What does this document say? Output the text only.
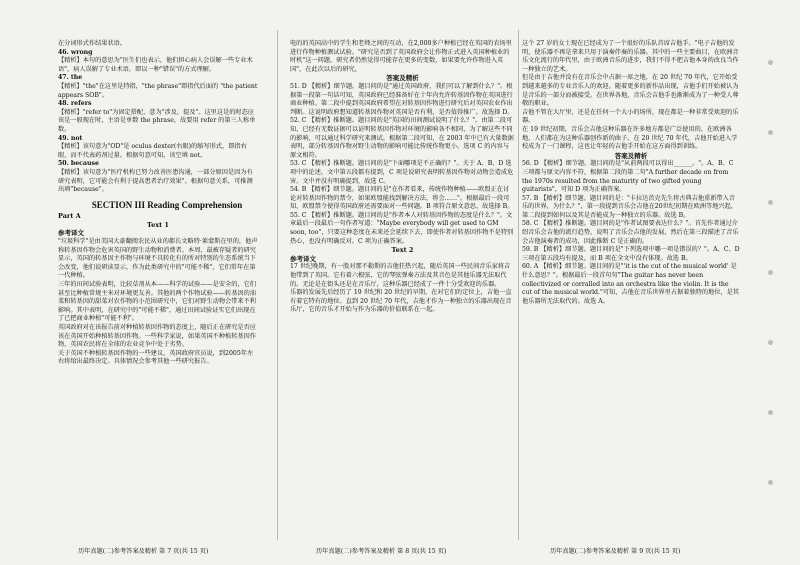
在分词形式作结果状语。

46. wrong

【精析】本句的意思为"医生们也表示，他们担心病人会误解一些专业术语"，病人误解了专业术语，即以一种"错误"的方式理解。

47. the

【精析】"the"在这里是特指，"the phrase"即指代后面的 "the patient appears SOB"。

48. refers

【精析】"refer to"为固定搭配，意为"涉及，提及"。这里这是的时态应该是一般现在时，主语是单数 the phrase，故要用 refer 的第三人称单数。

49. not

【精析】该句意为"OD"是 oculus dexter(右眼)的缩写形式，即指右眼，而不代表药剂过量。根据句意可知，该空填 not。

50. because

【精析】该句意为"医疗机构已努力改善医患沟通，一部分原因是因为有研究表明，它可能会有利于提高患者治疗效果"。根据句意关系，可推测出填"because"。

SECTION III Reading Comprehension

Part A

Text 1

参考译文

"垃圾科学"是由美国大豪翻阅农民从业的都长文略特·莱蒙斯在里的，他声称转基因作物会危害英国的野生动物和消费者。本周，最被存疑者的研究显示，英国的转基因主作物与环境不具转化有的所对特别的生态系统当下会改变，他们说研读显示，作为此类研究中的"可能不稀"，它们常年在第一代种植。

三年的田间试验表明，比较草剂从本——科学的试验——是安全的，它们甚至比种植常规主米对环境更友善。其他的两个作物试验——转基因的油菜和转基因的甜菜对农作物的小范围研究中，它们对野生动物会带来不利影响。其中表明，在研究中的"可能不稀"，通过田间试验证实它们出现在了已把商业种植"可能不利"。

英国政府对在该报告前对种植转基因作物的态度上，随后正在研究是否应该在英国开始种植转基因作物。一些科学家说，如果英国不种植转基因作物，英国农民将在全球的农业竞争中处于劣势。

关于英国不种植转基因作物的一些建议，英国政府官员说，到2005年左右将给出最终决定。具体情况会参考其他一些研究报告。

历年真题(二)参考答案及精析 第 7 页(共 15 页)

电的的英国高中的学生和老师之间的互动，在2,000多户种植已经在英国的农场里进行作物种植测试试验。"研究是否到了英国政府会让作物正式进入英国种植业的时机"这一问题，研究者仍然觉得可能存在更多的变数，如果要允许作物进入英国"，在此次以后的研究，

答案及精析

51. D 【精析】细节题。题目问的是"通过英国政府，我们可以了解到什么？"。根据第一段第一句话可知，英国政府已经准备好在十年内允许转基因作物在英国进行商业种植。第二段中提到英国政府希望在对转基因作物进行研究后对英国农业作出判断。这说明政府想知道转基因作物对英国是否有利，是否值得推广。故选择 D。

52. C 【精析】推断题。题目问的是"英国的田间测试说明了什么？"。由第二段可知，已经有无数证据可以证明转基因作物对环境的影响各不相同，为了解这些不同的影响，可以通过科学研究来测试。根据第二段可知，在 2003 年中已有大量数据表明，部分转基因作物对野生动物的影响可能比传统作物更小。选项 C 的内容与原文相符。

53. C 【精析】推断题。题目问的是"下面哪项是不正确的？"。关于 A、B、D 选项中的论述，文中第五段都有提到，C 项是说研究表明转基因作物对动物会造成危害，文中并没有明确提到，故选 C。

54. B 【精析】细节题。题目问的是"在作者看来，传统作物种植——欧盟正在讨论对转基因作物的禁令，如果欧盟能找到解决方法，将会……"。根据最后一段可知，欧盟禁令使得英国政府还需要面对一些问题。B 项符合原文意思，故选择 B。

55. C 【精析】推断题。题目问的是"作者本人对转基因作物的态度是什么？"。文章最后一段最后一句作者写道："Maybe everybody will get used to GM soon, too"，只要这种态度在未来还会延续下去，即使作者对转基因作物不是特别热心，也没有明确反对。C 项为正确答案。

Text 2

参考译文

17 世纪晚期，有一股对那不勒斯的吉他狂热兴起，随后英国一些民间音乐家将吉他带到了英国。它有着六根弦，它的琴弦弹奏方法及其音色是其他乐器无法取代的。无论是在街头还是在音乐厅，这种乐器已经成了一件十分受欢迎的乐器。

乐器的发展先后经历了 19 世纪和 20 世纪的早期，在对它们的定位上，吉他一直有着它特有的地位。直到 20 世纪 70 年代，吉他才作为一种独立的乐器出现在音乐厅，它的音乐才开始与作为乐器的价值联系在一起。

历年真题(二)参考答案及精析 第 8 页(共 15 页)

这个 27 岁的女士现在已经成为了一个很好的乐队首席吉他手。"电子吉他的发明，使乐器不再是拿来只用于演奏伴奏的乐器。其中的一些主要曲目，在欧洲音乐文化流行的年代里，由于欧洲音乐的进步，我们不得不把吉他本身的改良当作一种独立的艺术。

但是由于吉他并没有在音乐会中占据一席之地，在 20 世纪 70 年代，它开始受到越来越多的专业音乐人的欢迎。随着更多的新作品出现，吉他手们开始被认为是音乐的一部分而被接受。在世界各地，音乐会吉他手也渐渐成为了一种受人尊敬的职业。

吉他不管在大厅里，还是在任何一个大小的场所，现在都是一种非常受欢迎的乐器。

在 19 世纪初期，音乐会吉他这种乐器在许多地方都是广泛使用的，在欧洲各地，人们都在为这种乐器创作新的曲子。在 20 世纪 70 年代，吉他开始进入学校成为了一门课程，这也让年轻的吉他手开始在这方面得到训练。

答案及精析

56. D 【精析】细节题。题目问的是"从前两段可以得出______。"。A、B、C 三项都与原文内容不符，根据第二段的第二句"A further decade on from the 1970s resulted from the maturity of two gifted young guitarists"，可知 D 项为正确答案。

57. B 【精析】细节题。题目问的是："卡拉达茨克先生将古典吉他重新带入音乐的世界，为什么？"，第一段提到音乐会吉他在20世纪初期在欧洲等地兴起，第二段提到如何以及其是否能成为一种独立的乐器。故选 B。

58. C 【精析】推断题。题目问的是"作者试图要表达什么？"。首先作者通过介绍音乐会吉他的流行趋势，说明了音乐会吉他的发展，然后在第三段描述了音乐会吉他演奏者的成功，因此推断 C 是正确的。

59. B 【精析】细节题。题目问的是"下列选项中哪一项是错误的？"。A、C、D 三项在第五段均有提及，而 B 项在全文中没有体现。故选 B。

60. A 【精析】细节题。题目问的是"'it is the cut of the musical world' 是什么意思？"。根据最后一段首句句"The guitar has never been collectivized or corralled into an orchestra like the violin. It is the cut of the musical world."可知，吉他在音乐世界里占据着独特的地位，是其他乐器所无法取代的。故选 A。

历年真题(二)参考答案及精析 第 9 页(共 15 页)
